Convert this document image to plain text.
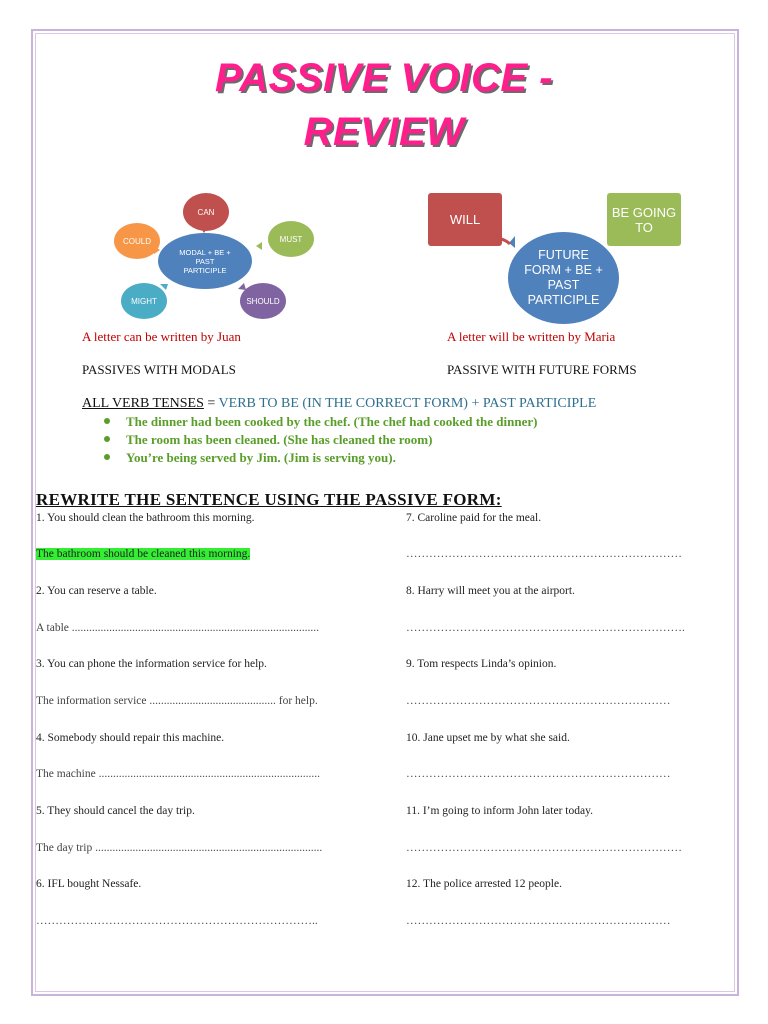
PASSIVE VOICE -
REVIEW
MODAL + BE + PAST PARTICIPLE
CAN
MUST
SHOULD
MIGHT
COULD
WILL	BE GOING TO
FUTURE FORM + BE + PAST PARTICIPLE
A letter can be written by Juan	A letter will be written by Maria
PASSIVES WITH MODALS	PASSIVE WITH FUTURE FORMS
ALL VERB TENSES = VERB TO BE (IN THE CORRECT FORM) + PAST PARTICIPLE
The dinner had been cooked by the chef. (The chef had cooked the dinner)
The room has been cleaned. (She has cleaned the room)
You’re being served by Jim. (Jim is serving you).
REWRITE THE SENTENCE USING THE PASSIVE FORM:
1. You should clean the bathroom this morning.
The bathroom should be cleaned this morning.
2. You can reserve a table.
A table ......................................................................................
3. You can phone the information service for help.
The information service ............................................ for help.
4. Somebody should repair this machine.
The machine .............................................................................
5. They should cancel the day trip.
The day trip ...............................................................................
6. IFL bought Nessafe.
………………………………………………………………..
7. Caroline paid for the meal.
………………………………………………………………
8. Harry will meet you at the airport.
……………………………………………………………….
9. Tom respects Linda’s opinion.
……………………………………………………………
10. Jane upset me by what she said.
……………………………………………………………
11. I’m going to inform John later today.
………………………………………………………………
12. The police arrested 12 people.
……………………………………………………………
